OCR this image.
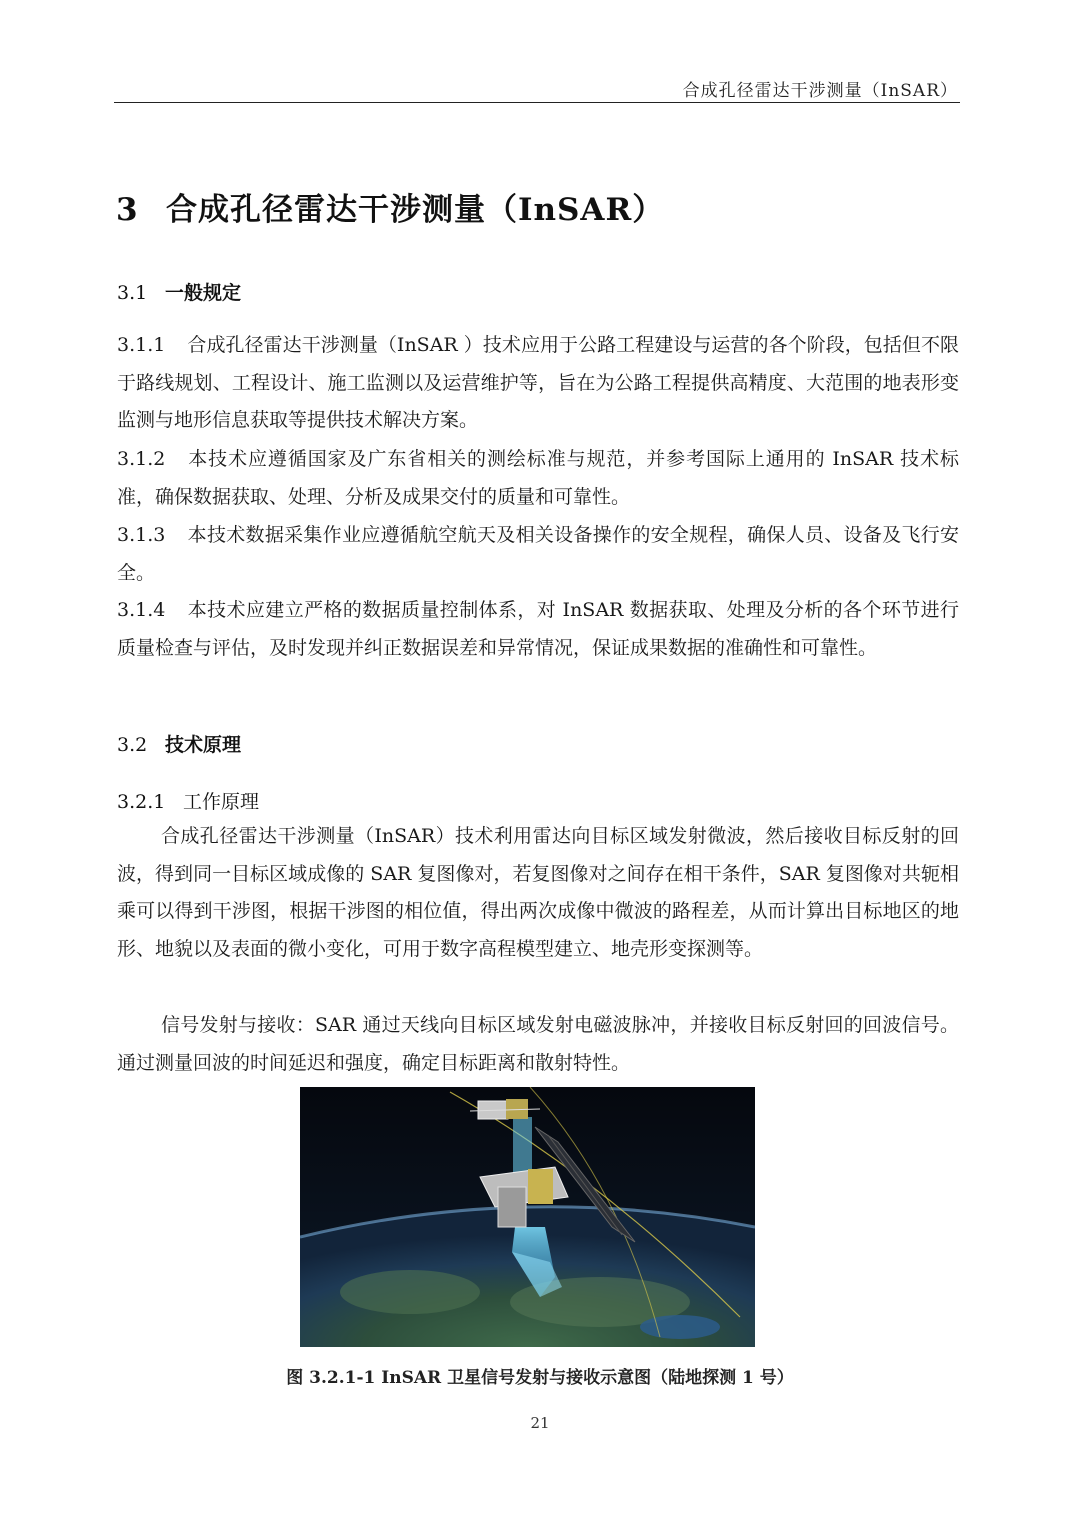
合成孔径雷达干涉测量（InSAR）
3 合成孔径雷达干涉测量（InSAR）
3.1 一般规定
3.1.1 合成孔径雷达干涉测量（InSAR ）技术应用于公路工程建设与运营的各个阶段，包括但不限于路线规划、工程设计、施工监测以及运营维护等，旨在为公路工程提供高精度、大范围的地表形变监测与地形信息获取等提供技术解决方案。
3.1.2 本技术应遵循国家及广东省相关的测绘标准与规范，并参考国际上通用的 InSAR 技术标准，确保数据获取、处理、分析及成果交付的质量和可靠性。
3.1.3 本技术数据采集作业应遵循航空航天及相关设备操作的安全规程，确保人员、设备及飞行安全。
3.1.4 本技术应建立严格的数据质量控制体系，对 InSAR 数据获取、处理及分析的各个环节进行质量检查与评估，及时发现并纠正数据误差和异常情况，保证成果数据的准确性和可靠性。
3.2 技术原理
3.2.1 工作原理
合成孔径雷达干涉测量（InSAR）技术利用雷达向目标区域发射微波，然后接收目标反射的回波，得到同一目标区域成像的 SAR 复图像对，若复图像对之间存在相干条件，SAR 复图像对共轭相乘可以得到干涉图，根据干涉图的相位值，得出两次成像中微波的路程差，从而计算出目标地区的地形、地貌以及表面的微小变化，可用于数字高程模型建立、地壳形变探测等。
信号发射与接收：SAR 通过天线向目标区域发射电磁波脉冲，并接收目标反射回的回波信号。通过测量回波的时间延迟和强度，确定目标距离和散射特性。
图 3.2.1-1 InSAR 卫星信号发射与接收示意图（陆地探测 1 号）
21
